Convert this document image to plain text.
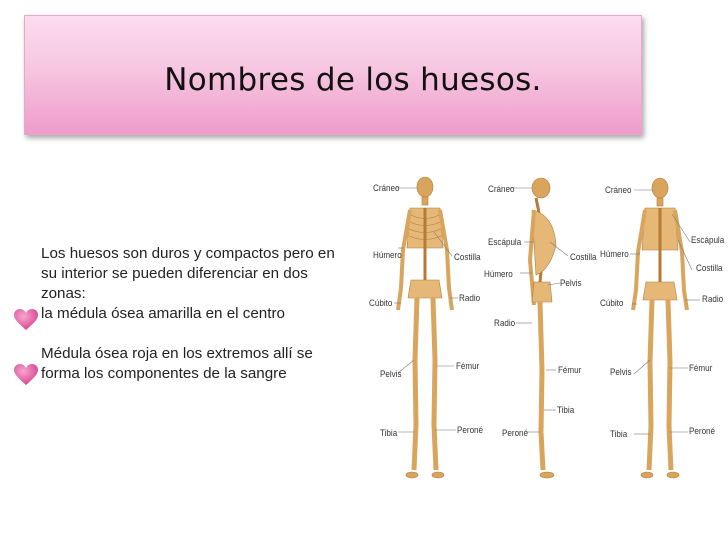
Nombres de los huesos.

Los huesos son duros y compactos pero en su interior se pueden diferenciar en dos zonas:

la médula ósea amarilla en el centro

Médula ósea roja en los extremos allí se forma los componentes de la sangre

Cráneo
Húmero	Costilla
Cúbito	Radio
Pelvis
Fémur
Tibia	Peroné
Cráneo
Escápula
Costilla
Húmero
Pelvis
Radio
Fémur
Tibia
Peroné
Cráneo
Escápula
Húmero
Costilla
Cúbito	Radio
Pelvis	Fémur
Tibia	Peroné
